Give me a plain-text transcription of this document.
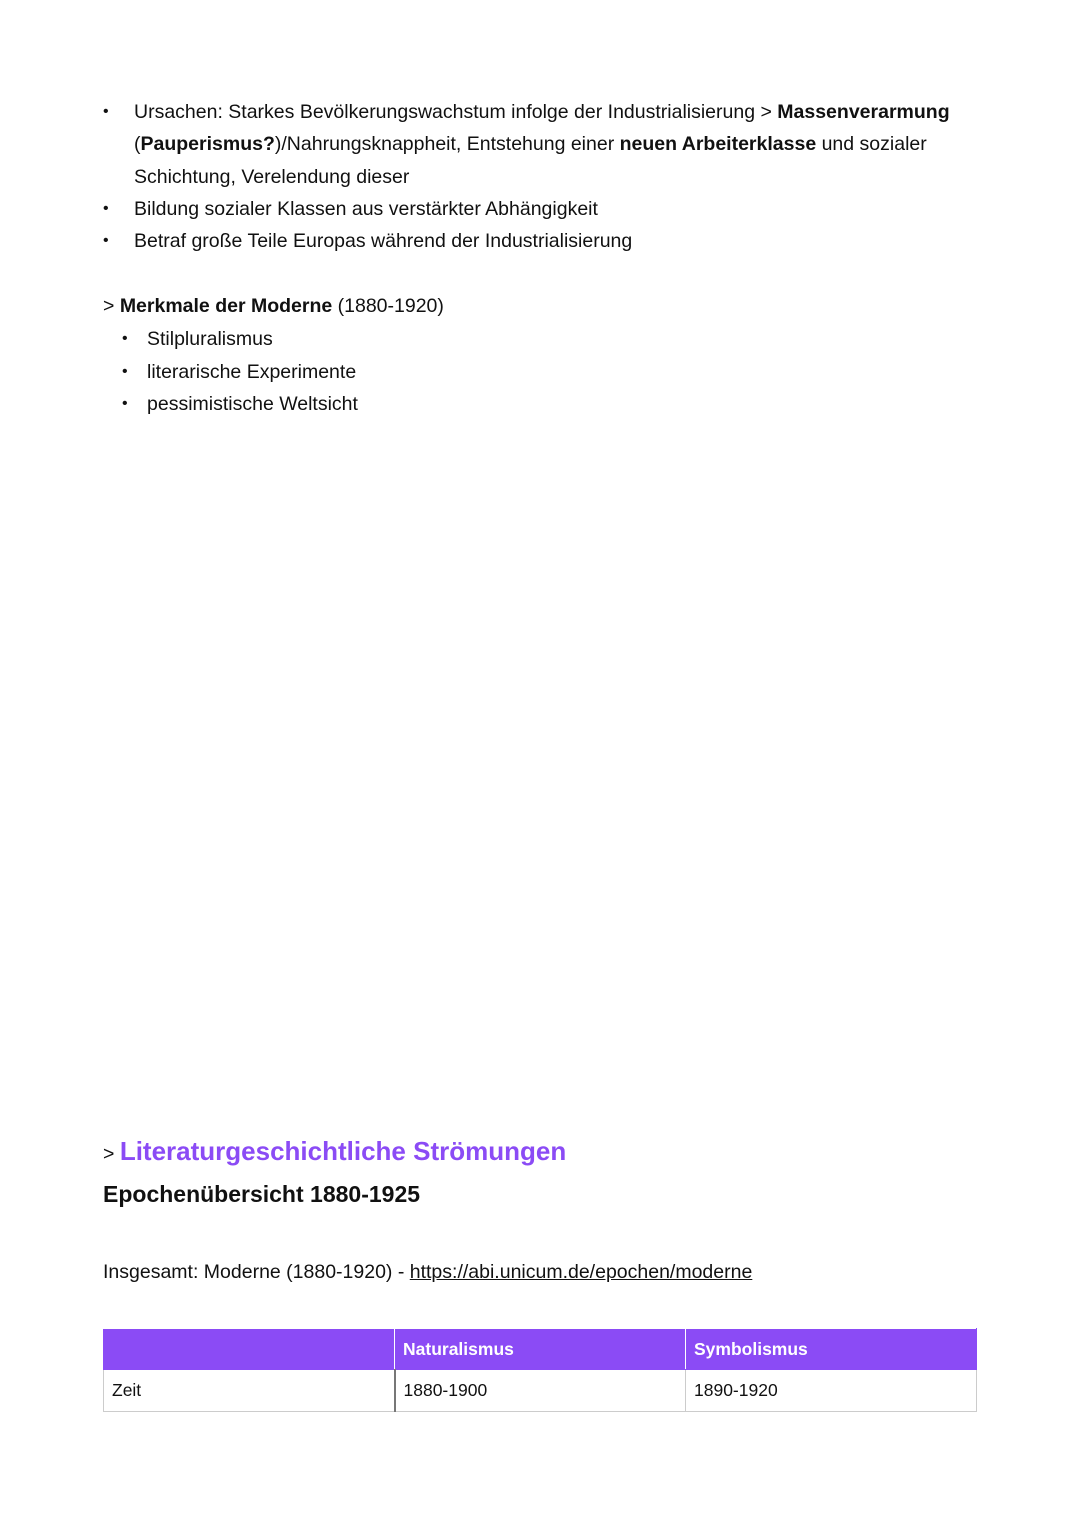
• Ursachen: Starkes Bevölkerungswachstum infolge der Industrialisierung > Massenverarmung
(Pauperismus?)/Nahrungsknappheit, Entstehung einer neuen Arbeiterklasse und sozialer Schichtung, Verelendung dieser
• Bildung sozialer Klassen aus verstärkter Abhängigkeit
• Betraf große Teile Europas während der Industrialisierung
> Merkmale der Moderne (1880-1920)
• Stilpluralismus
• literarische Experimente
• pessimistische Weltsicht
> Literaturgeschichtliche Strömungen
Epochenübersicht 1880-1925
Insgesamt: Moderne (1880-1920) - https://abi.unicum.de/epochen/moderne
	Naturalismus	Symbolismus
Zeit	1880-1900	1890-1920
